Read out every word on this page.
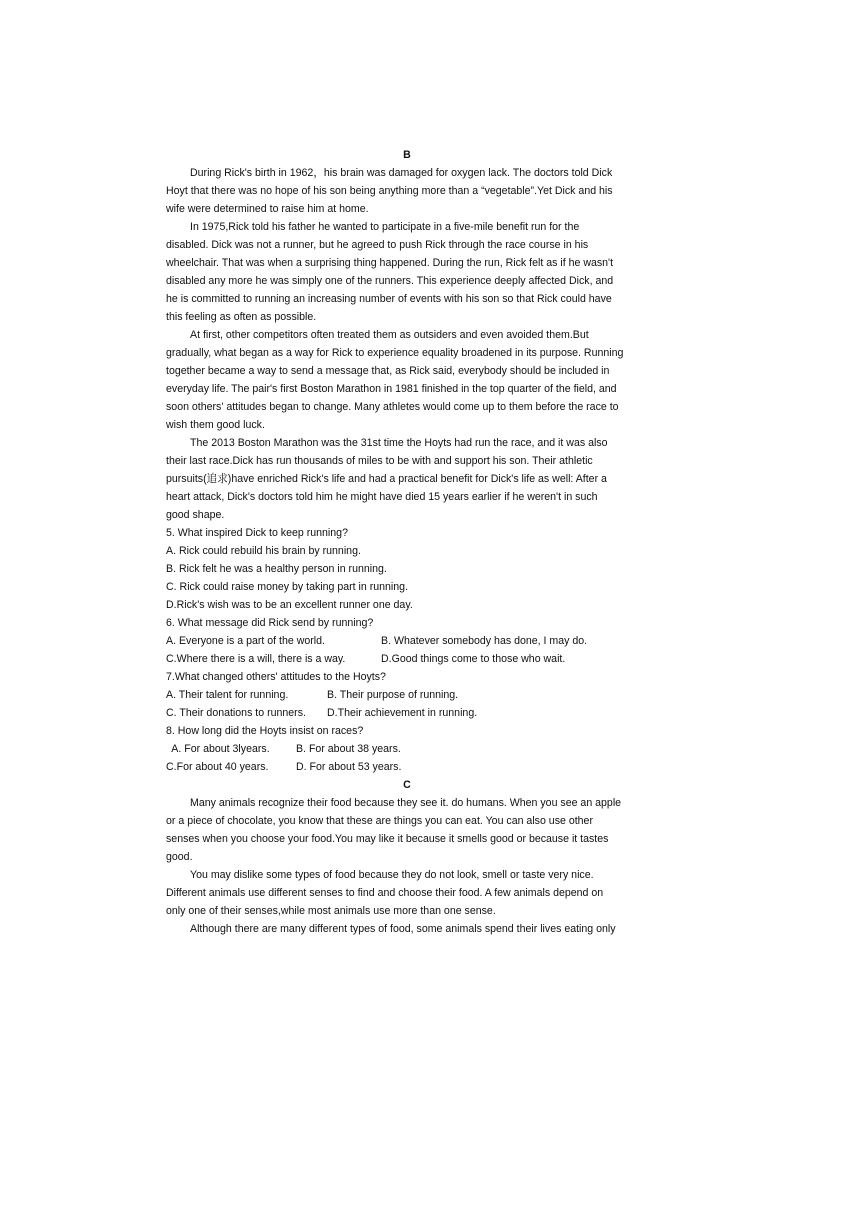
B
During Rick's birth in 1962，his brain was damaged for oxygen lack. The doctors told Dick
Hoyt that there was no hope of his son being anything more than a “vegetable”.Yet Dick and his
wife were determined to raise him at home.
In 1975,Rick told his father he wanted to participate in a five-mile benefit run for the
disabled. Dick was not a runner, but he agreed to push Rick through the race course in his
wheelchair. That was when a surprising thing happened. During the run, Rick felt as if he wasn't
disabled any more he was simply one of the runners. This experience deeply affected Dick, and
he is committed to running an increasing number of events with his son so that Rick could have
this feeling as often as possible.
At first, other competitors often treated them as outsiders and even avoided them.But
gradually, what began as a way for Rick to experience equality broadened in its purpose. Running
together became a way to send a message that, as Rick said, everybody should be included in
everyday life. The pair's first Boston Marathon in 1981 finished in the top quarter of the field, and
soon others' attitudes began to change. Many athletes would come up to them before the race to
wish them good luck.
The 2013 Boston Marathon was the 31st time the Hoyts had run the race, and it was also
their last race.Dick has run thousands of miles to be with and support his son. Their athletic
pursuits(追求)have enriched Rick's life and had a practical benefit for Dick's life as well: After a
heart attack, Dick's doctors told him he might have died 15 years earlier if he weren't in such
good shape.
5. What inspired Dick to keep running?
A. Rick could rebuild his brain by running.
B. Rick felt he was a healthy person in running.
C. Rick could raise money by taking part in running.
D.Rick's wish was to be an excellent runner one day.
6. What message did Rick send by running?
A. Everyone is a part of the world.	B. Whatever somebody has done, I may do.
C.Where there is a will, there is a way.	D.Good things come to those who wait.
7.What changed others' attitudes to the Hoyts?
A. Their talent for running.	B. Their purpose of running.
C. Their donations to runners.	D.Their achievement in running.
8. How long did the Hoyts insist on races?
A. For about 3lyears.	B. For about 38 years.
C.For about 40 years.	D. For about 53 years.
C
Many animals recognize their food because they see it. do humans. When you see an apple
or a piece of chocolate, you know that these are things you can eat. You can also use other
senses when you choose your food.You may like it because it smells good or because it tastes
good.
You may dislike some types of food because they do not look, smell or taste very nice.
Different animals use different senses to find and choose their food. A few animals depend on
only one of their senses,while most animals use more than one sense.
Although there are many different types of food, some animals spend their lives eating only
